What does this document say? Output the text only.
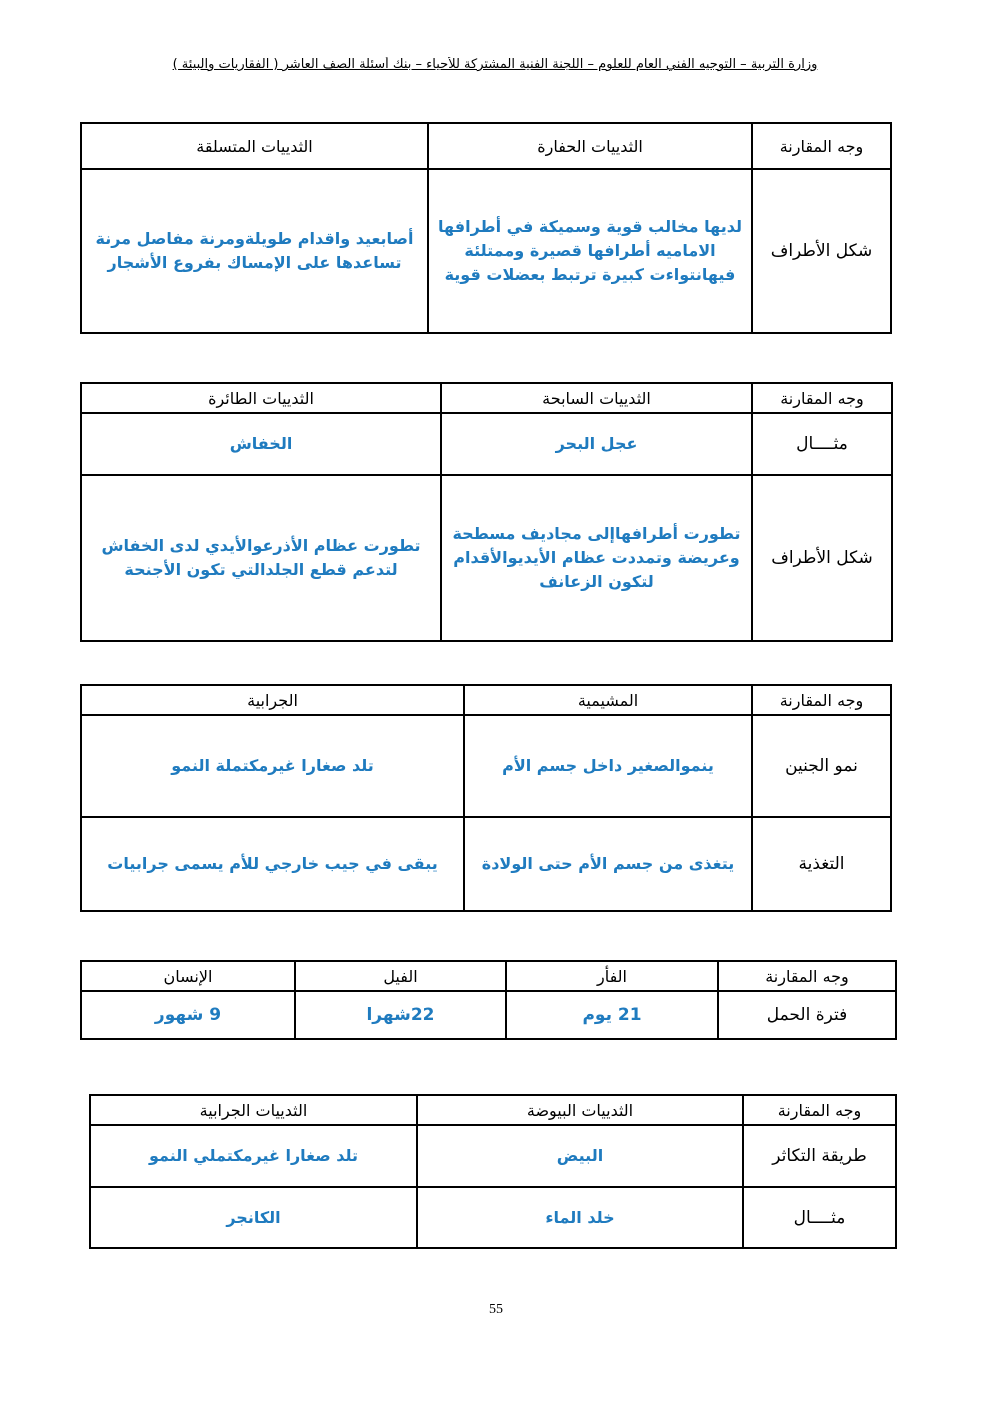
وزارة التربية – التوجيه الفني العام للعلوم – اللجنة الفنية المشتركة للأحياء – بنك أسئلة الصف العاشر ( الفقاريات والبيئة )
وجه المقارنة	الثدييات الحفارة	الثدييات المتسلقة
شكل الأطراف	لديها مخالب قوية وسميكة في أطرافها الاماميه أطرافها قصيرة وممتلئة فيهانتواءت كبيرة ترتبط بعضلات قوية	أصابعيد واقدام طويلةومرنة مفاصل مرنة تساعدها على الإمساك بفروع الأشجار
وجه المقارنة	الثدييات السابحة	الثدييات الطائرة
مثــــال	عجل البحر	الخفاش
شكل الأطراف	تطورت أطرافهاإلى مجاديف مسطحة وعريضة وتمددت عظام الأيديوالأقدام لتكون الزعانف	تطورت عظام الأذرعوالأيدي لدى الخفاش لتدعم قطع الجلدالتي تكون الأجنحة
وجه المقارنة	المشيمية	الجرابية
نمو الجنين	ينموالصغير داخل جسم الأم	تلد صغارا غيرمكتملة النمو
التغذية	يتغذى من جسم الأم حتى الولادة	يبقى في جيب خارجي للأم يسمى جرابيات
وجه المقارنة	الفأر	الفيل	الإنسان
فترة الحمل	21 يوم	22شهرا	9 شهور
وجه المقارنة	الثدييات البيوضة	الثدييات الجرابية
طريقة التكاثر	البيض	تلد صغارا غيرمكتملي النمو
مثــــال	خلد الماء	الكانجر
55
